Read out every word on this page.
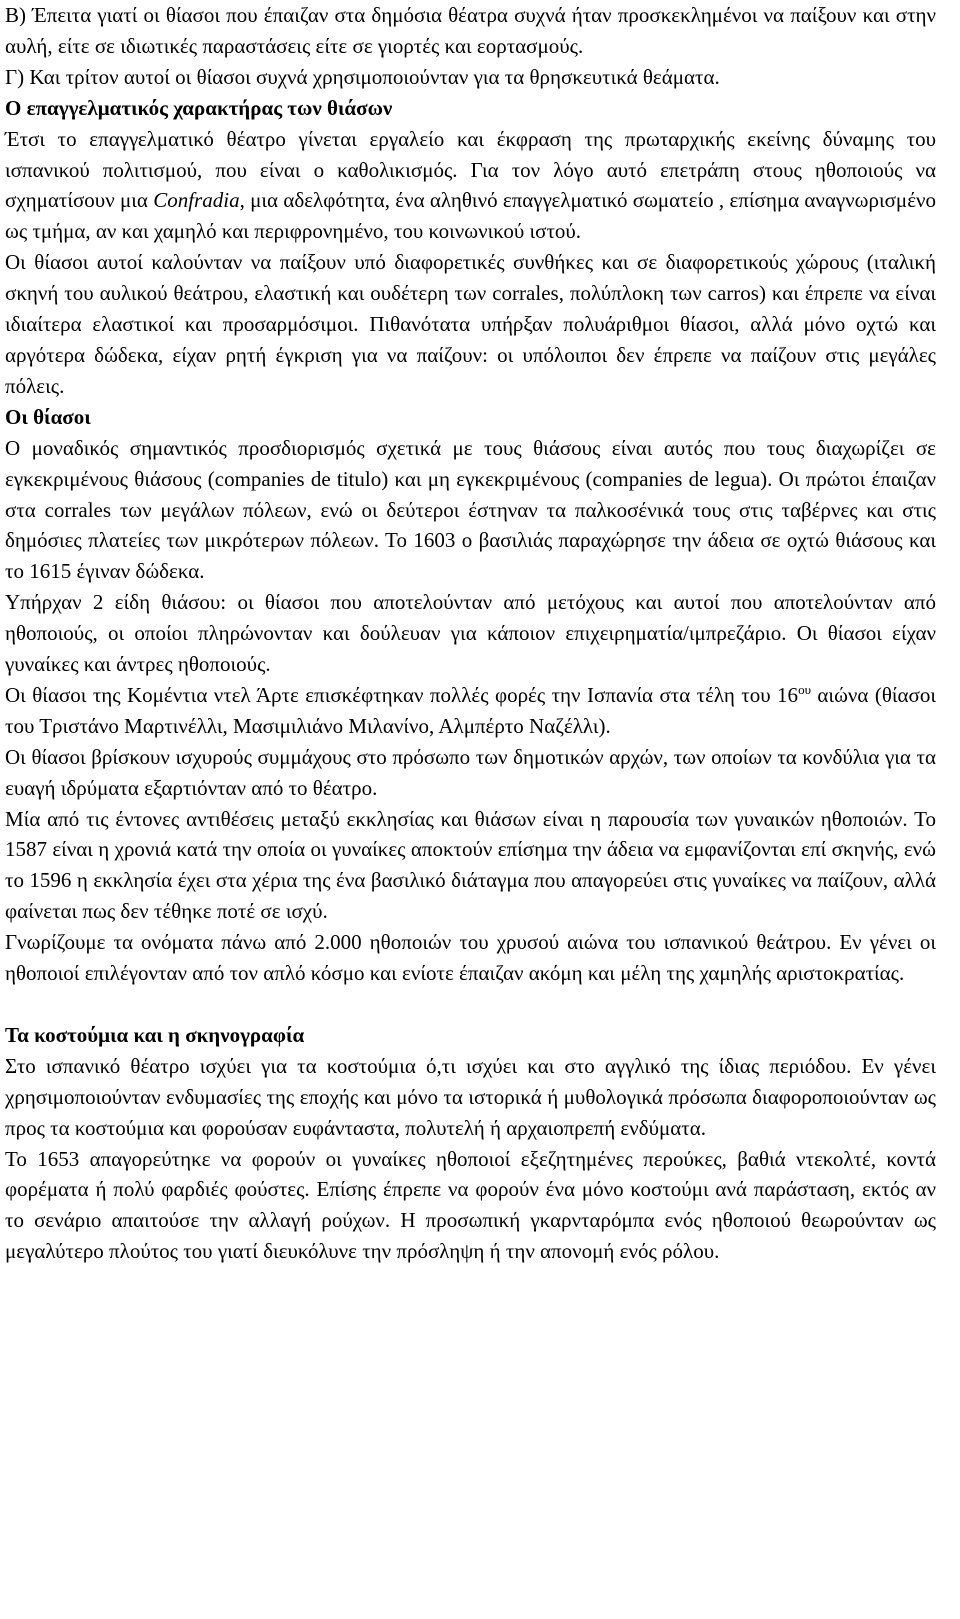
Β) Έπειτα γιατί οι θίασοι που έπαιζαν στα δημόσια θέατρα συχνά ήταν προσκεκλημένοι να παίξουν και στην αυλή, είτε σε ιδιωτικές παραστάσεις είτε σε γιορτές και εορτασμούς.

Γ) Και τρίτον αυτοί οι θίασοι συχνά χρησιμοποιούνταν για τα θρησκευτικά θεάματα.

Ο επαγγελματικός χαρακτήρας των θιάσων

Έτσι το επαγγελματικό θέατρο γίνεται εργαλείο και έκφραση της πρωταρχικής εκείνης δύναμης του ισπανικού πολιτισμού, που είναι ο καθολικισμός. Για τον λόγο αυτό επετράπη στους ηθοποιούς να σχηματίσουν μια Confradia, μια αδελφότητα, ένα αληθινό επαγγελματικό σωματείο , επίσημα αναγνωρισμένο ως τμήμα, αν και χαμηλό και περιφρονημένο, του κοινωνικού ιστού.

Οι θίασοι αυτοί καλούνταν να παίξουν υπό διαφορετικές συνθήκες και σε διαφορετικούς χώρους (ιταλική σκηνή του αυλικού θεάτρου, ελαστική και ουδέτερη των corrales, πολύπλοκη των carros) και έπρεπε να είναι ιδιαίτερα ελαστικοί και προσαρμόσιμοι. Πιθανότατα υπήρξαν πολυάριθμοι θίασοι, αλλά μόνο οχτώ και αργότερα δώδεκα, είχαν ρητή έγκριση για να παίζουν: οι υπόλοιποι δεν έπρεπε να παίζουν στις μεγάλες πόλεις.

Οι θίασοι

Ο μοναδικός σημαντικός προσδιορισμός σχετικά με τους θιάσους είναι αυτός που τους διαχωρίζει σε εγκεκριμένους θιάσους (companies de titulo) και μη εγκεκριμένους (companies de legua). Οι πρώτοι έπαιζαν στα corrales των μεγάλων πόλεων, ενώ οι δεύτεροι έστηναν τα παλκοσένικά τους στις ταβέρνες και στις δημόσιες πλατείες των μικρότερων πόλεων. Το 1603 ο βασιλιάς παραχώρησε την άδεια σε οχτώ θιάσους και το 1615 έγιναν δώδεκα.

Υπήρχαν 2 είδη θιάσου: οι θίασοι που αποτελούνταν από μετόχους και αυτοί που αποτελούνταν από ηθοποιούς, οι οποίοι πληρώνονταν και δούλευαν για κάποιον επιχειρηματία/ιμπρεζάριο. Οι θίασοι είχαν γυναίκες και άντρες ηθοποιούς.

Οι θίασοι της Κομέντια ντελ Άρτε επισκέφτηκαν πολλές φορές την Ισπανία στα τέλη του $16^{o\upsilon}$ αιώνα (θίασοι του Τριστάνο Μαρτινέλλι, Μασιμιλιάνο Μιλανίνο, Αλμπέρτο Ναζέλλι).

Οι θίασοι βρίσκουν ισχυρούς συμμάχους στο πρόσωπο των δημοτικών αρχών, των οποίων τα κονδύλια για τα ευαγή ιδρύματα εξαρτιόνταν από το θέατρο.

Μία από τις έντονες αντιθέσεις μεταξύ εκκλησίας και θιάσων είναι η παρουσία των γυναικών ηθοποιών. Το 1587 είναι η χρονιά κατά την οποία οι γυναίκες αποκτούν επίσημα την άδεια να εμφανίζονται επί σκηνής, ενώ το 1596 η εκκλησία έχει στα χέρια της ένα βασιλικό διάταγμα που απαγορεύει στις γυναίκες να παίζουν, αλλά φαίνεται πως δεν τέθηκε ποτέ σε ισχύ.

Γνωρίζουμε τα ονόματα πάνω από 2.000 ηθοποιών του χρυσού αιώνα του ισπανικού θεάτρου. Εν γένει οι ηθοποιοί επιλέγονταν από τον απλό κόσμο και ενίοτε έπαιζαν ακόμη και μέλη της χαμηλής αριστοκρατίας.

Τα κοστούμια και η σκηνογραφία

Στο ισπανικό θέατρο ισχύει για τα κοστούμια ό,τι ισχύει και στο αγγλικό της ίδιας περιόδου. Εν γένει χρησιμοποιούνταν ενδυμασίες της εποχής και μόνο τα ιστορικά ή μυθολογικά πρόσωπα διαφοροποιούνταν ως προς τα κοστούμια και φορούσαν ευφάνταστα, πολυτελή ή αρχαιοπρεπή ενδύματα.

Το 1653 απαγορεύτηκε να φορούν οι γυναίκες ηθοποιοί εξεζητημένες περούκες, βαθιά ντεκολτέ, κοντά φορέματα ή πολύ φαρδιές φούστες. Επίσης έπρεπε να φορούν ένα μόνο κοστούμι ανά παράσταση, εκτός αν το σενάριο απαιτούσε την αλλαγή ρούχων. Η προσωπική γκαρνταρόμπα ενός ηθοποιού θεωρούνταν ως μεγαλύτερο πλούτος του γιατί διευκόλυνε την πρόσληψη ή την απονομή ενός ρόλου.
